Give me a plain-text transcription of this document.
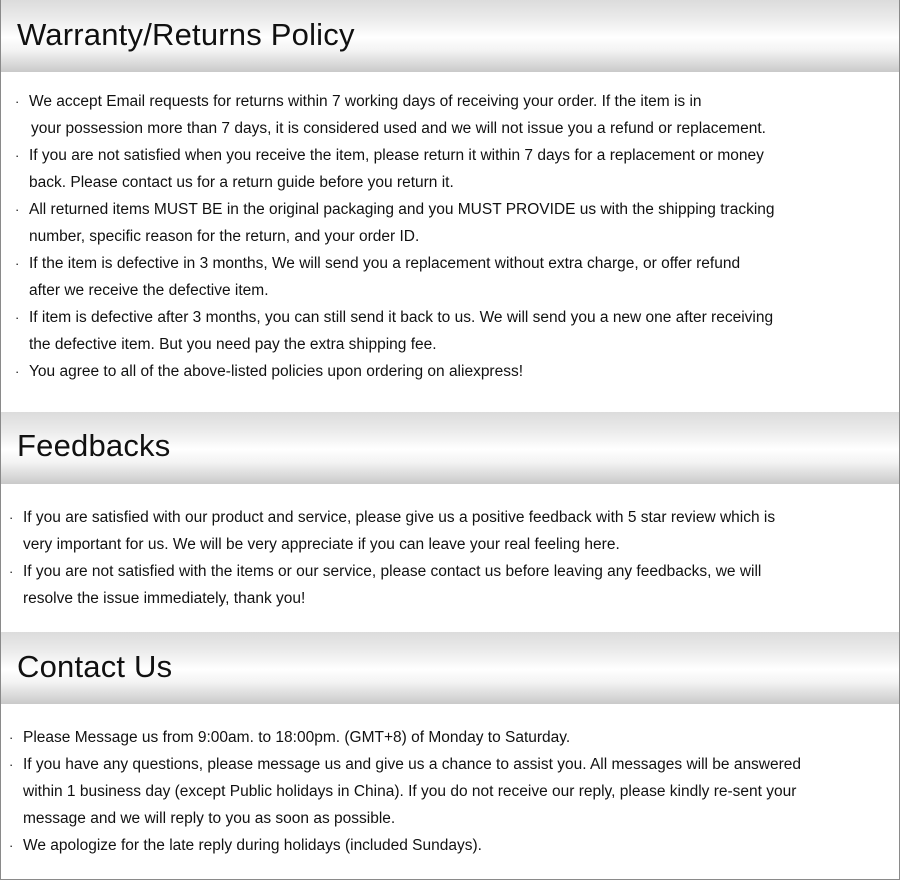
Warranty/Returns Policy
· We accept Email requests for returns within 7 working days of receiving your order. If the item is in
your possession more than 7 days, it is considered used and we will not issue you a refund or replacement.
· If you are not satisfied when you receive the item, please return it within 7 days for a replacement or money
back. Please contact us for a return guide before you return it.
· All returned items MUST BE in the original packaging and you MUST PROVIDE us with the shipping tracking
number, specific reason for the return, and your order ID.
· If the item is defective in 3 months, We will send you a replacement without extra charge, or offer refund
after we receive the defective item.
· If item is defective after 3 months, you can still send it back to us. We will send you a new one after receiving
the defective item. But you need pay the extra shipping fee.
· You agree to all of the above-listed policies upon ordering on aliexpress!
Feedbacks
· If you are satisfied with our product and service, please give us a positive feedback with 5 star review which is
very important for us. We will be very appreciate if you can leave your real feeling here.
· If you are not satisfied with the items or our service, please contact us before leaving any feedbacks, we will
resolve the issue immediately, thank you!
Contact Us
· Please Message us from 9:00am. to 18:00pm. (GMT+8) of Monday to Saturday.
· If you have any questions, please message us and give us a chance to assist you. All messages will be answered
within 1 business day (except Public holidays in China). If you do not receive our reply, please kindly re-sent your
message and we will reply to you as soon as possible.
· We apologize for the late reply during holidays (included Sundays).
